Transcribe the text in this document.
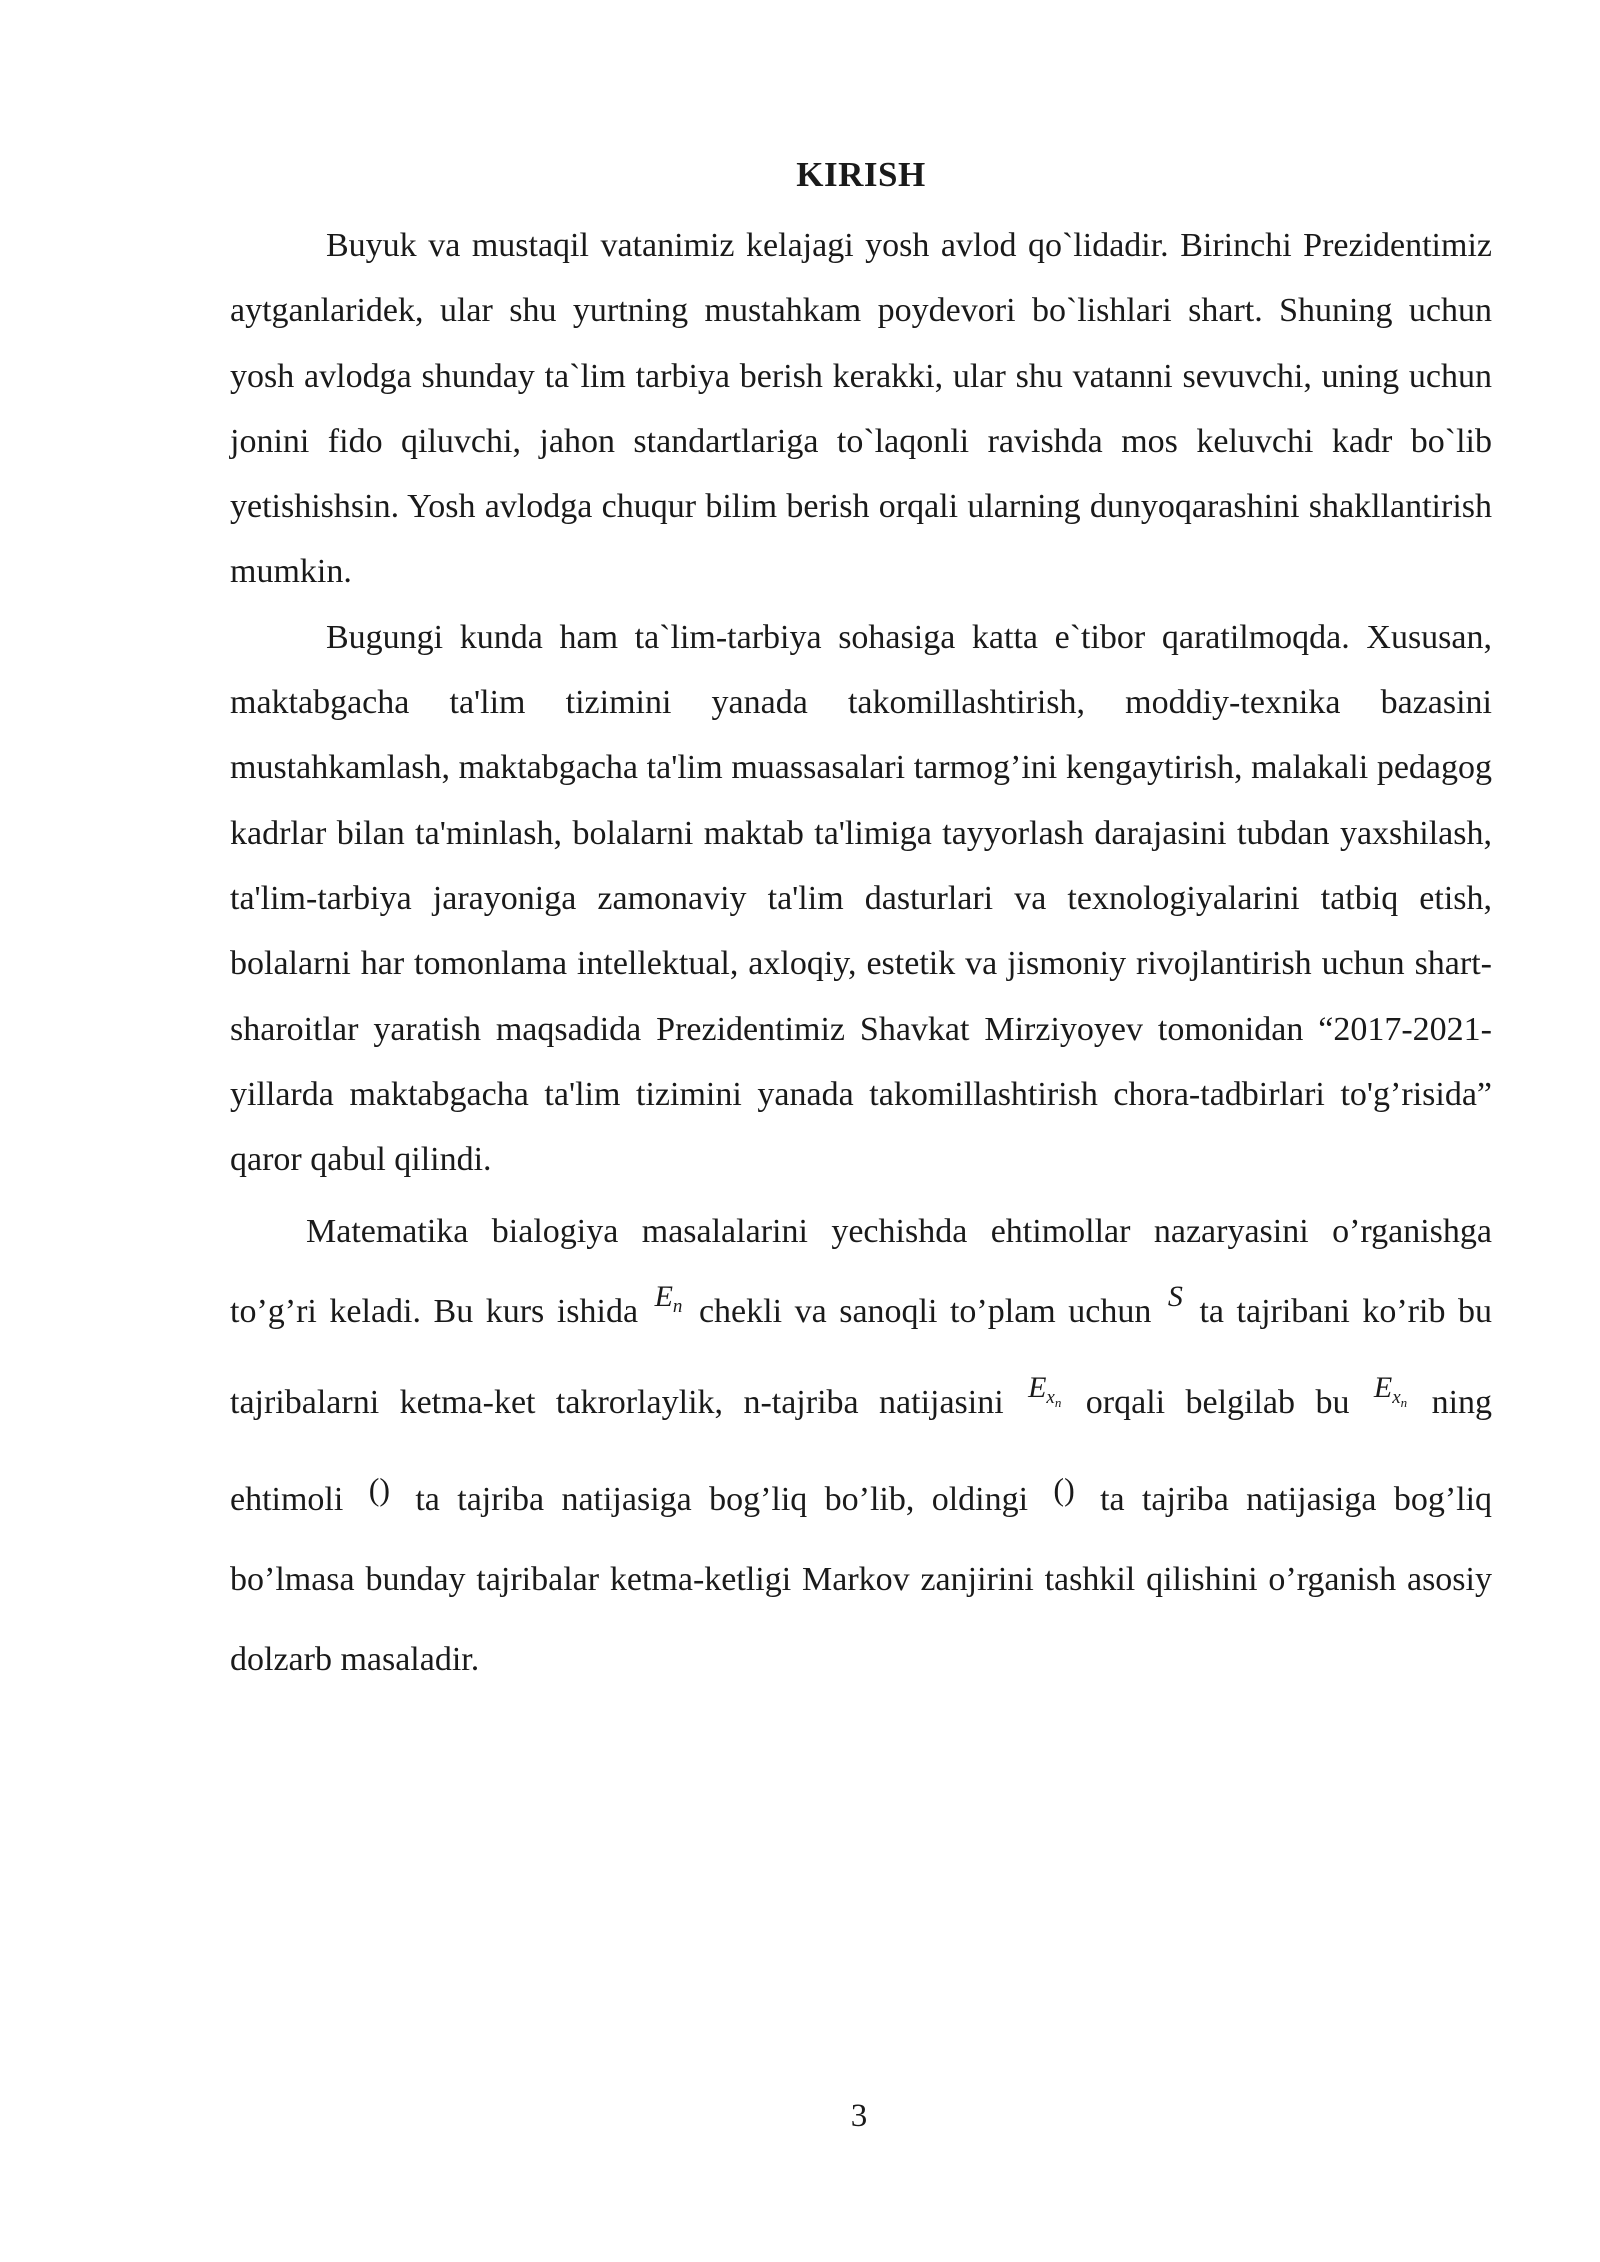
KIRISH

Buyuk va mustaqil vatanimiz kelajagi yosh avlod qo`lidadir. Birinchi Prezidentimiz aytganlaridek, ular shu yurtning mustahkam poydevori bo`lishlari shart. Shuning uchun yosh avlodga shunday ta`lim tarbiya berish kerakki, ular shu vatanni sevuvchi, uning uchun jonini fido qiluvchi, jahon standartlariga to`laqonli ravishda mos keluvchi kadr bo`lib yetishishsin. Yosh avlodga chuqur bilim berish orqali ularning dunyoqarashini shakllantirish mumkin.

Bugungi kunda ham ta`lim-tarbiya sohasiga katta e`tibor qaratilmoqda. Xususan, maktabgacha ta'lim tizimini yanada takomillashtirish, moddiy-texnika bazasini mustahkamlash, maktabgacha ta'lim muassasalari tarmog’ini kengaytirish, malakali pedagog kadrlar bilan ta'minlash, bolalarni maktab ta'limiga tayyorlash darajasini tubdan yaxshilash, ta'lim-tarbiya jarayoniga zamonaviy ta'lim dasturlari va texnologiyalarini tatbiq etish, bolalarni har tomonlama intellektual, axloqiy, estetik va jismoniy rivojlantirish uchun shart-sharoitlar yaratish maqsadida Prezidentimiz Shavkat Mirziyoyev tomonidan “2017-2021-yillarda maktabgacha ta'lim tizimini yanada takomillashtirish chora-tadbirlari to'g’risida” qaror qabul qilindi.

Matematika bialogiya masalalarini yechishda ehtimollar nazaryasini o’rganishga to’g’ri keladi. Bu kurs ishida $E_n$ chekli va sanoqli to’plam uchun S ta tajribani ko’rib bu tajribalarni ketma-ket takrorlaylik, n-tajriba natijasini $E_{x_n}$ orqali belgilab bu $E_{x_n}$ ning ehtimoli () ta tajriba natijasiga bog’liq bo’lib, oldingi () ta tajriba natijasiga bog’liq bo’lmasa bunday tajribalar ketma-ketligi Markov zanjirini tashkil qilishini o’rganish asosiy dolzarb masaladir.

3
